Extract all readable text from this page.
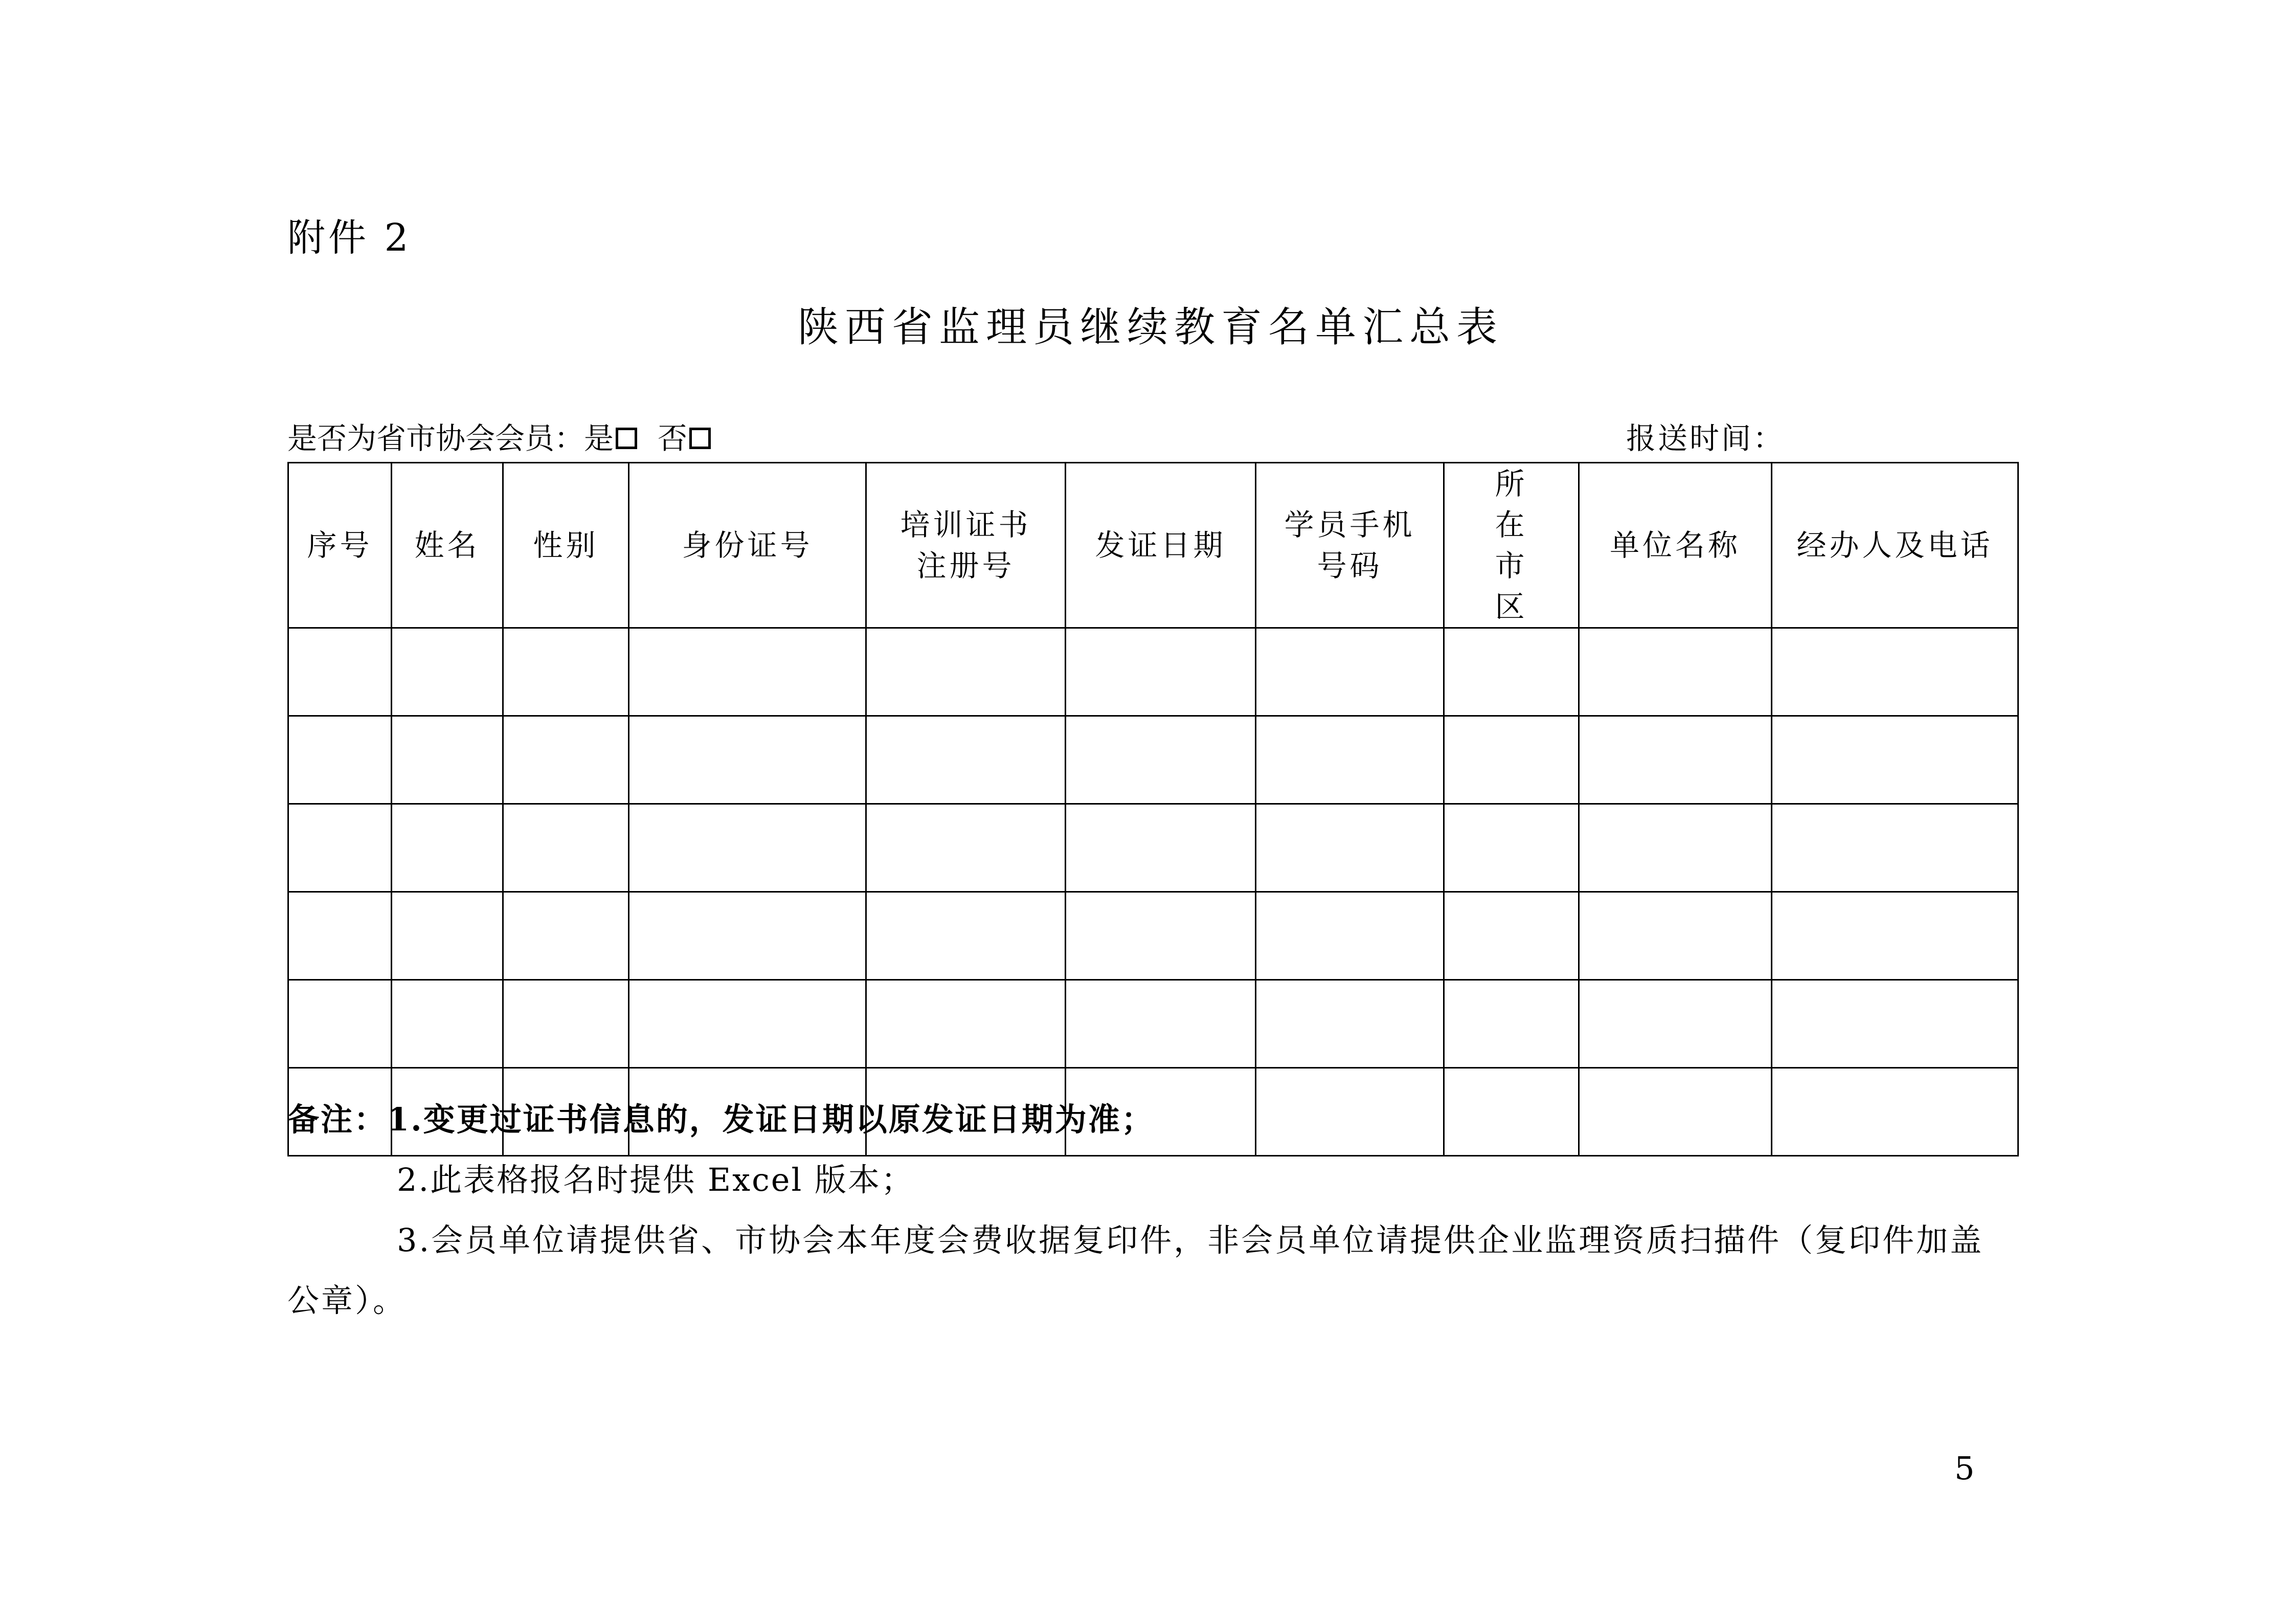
附件 2
陕西省监理员继续教育名单汇总表
是否为省市协会会员： 是 否	报送时间：
序号	姓名	性别	身份证号	培训证书注册号	发证日期	学员手机号码	所在市区	单位名称	经办人及电话

备注：1.变更过证书信息的，发证日期以原发证日期为准；
2.此表格报名时提供 Excel 版本；
3.会员单位请提供省、市协会本年度会费收据复印件，非会员单位请提供企业监理资质扫描件（复印件加盖公章）。
5
